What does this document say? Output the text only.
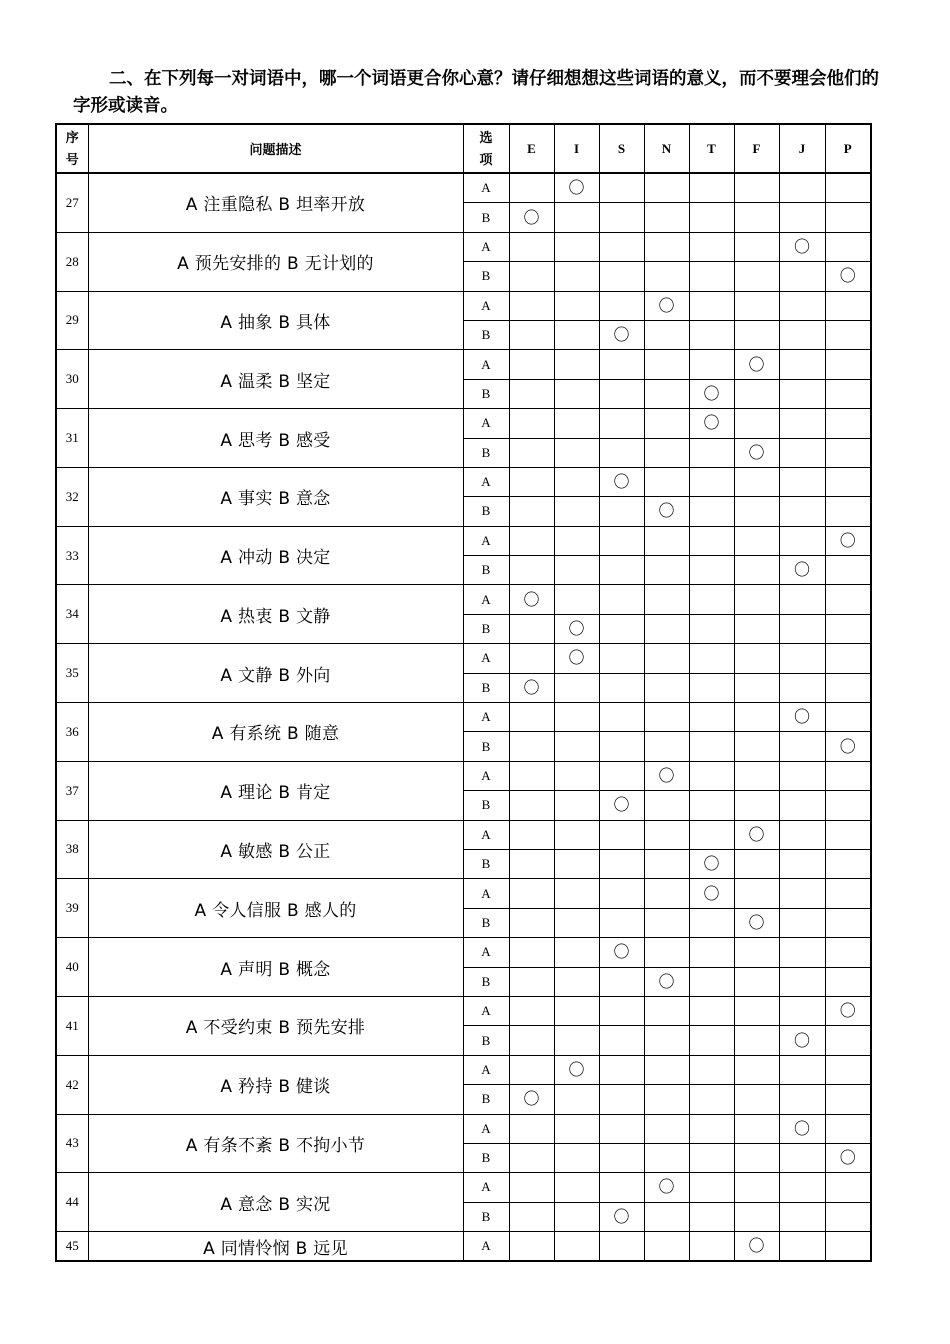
二、在下列每一对词语中，哪一个词语更合你心意？请仔细想想这些词语的意义，而不要理会他们的字形或读音。
序
号	问题描述	选
项	E	I	S	N	T	F	J	P
27	A 注重隐私 B 坦率开放	A		〇						
		B	〇							
28	A 预先安排的 B 无计划的	A							〇	
		B								〇
29	A 抽象 B 具体	A				〇				
		B			〇					
30	A 温柔 B 坚定	A						〇		
		B					〇			
31	A 思考 B 感受	A					〇			
		B						〇		
32	A 事实 B 意念	A			〇					
		B				〇				
33	A 冲动 B 决定	A								〇
		B							〇	
34	A 热衷 B 文静	A	〇							
		B		〇						
35	A 文静 B 外向	A		〇						
		B	〇							
36	A 有系统 B 随意	A							〇	
		B								〇
37	A 理论 B 肯定	A				〇				
		B			〇					
38	A 敏感 B 公正	A						〇		
		B					〇			
39	A 令人信服 B 感人的	A					〇			
		B						〇		
40	A 声明 B 概念	A			〇					
		B				〇				
41	A 不受约束 B 预先安排	A								〇
		B							〇	
42	A 矜持 B 健谈	A		〇						
		B	〇							
43	A 有条不紊 B 不拘小节	A							〇	
		B								〇
44	A 意念 B 实况	A				〇				
		B			〇					
45	A 同情怜悯 B 远见	A						〇		
